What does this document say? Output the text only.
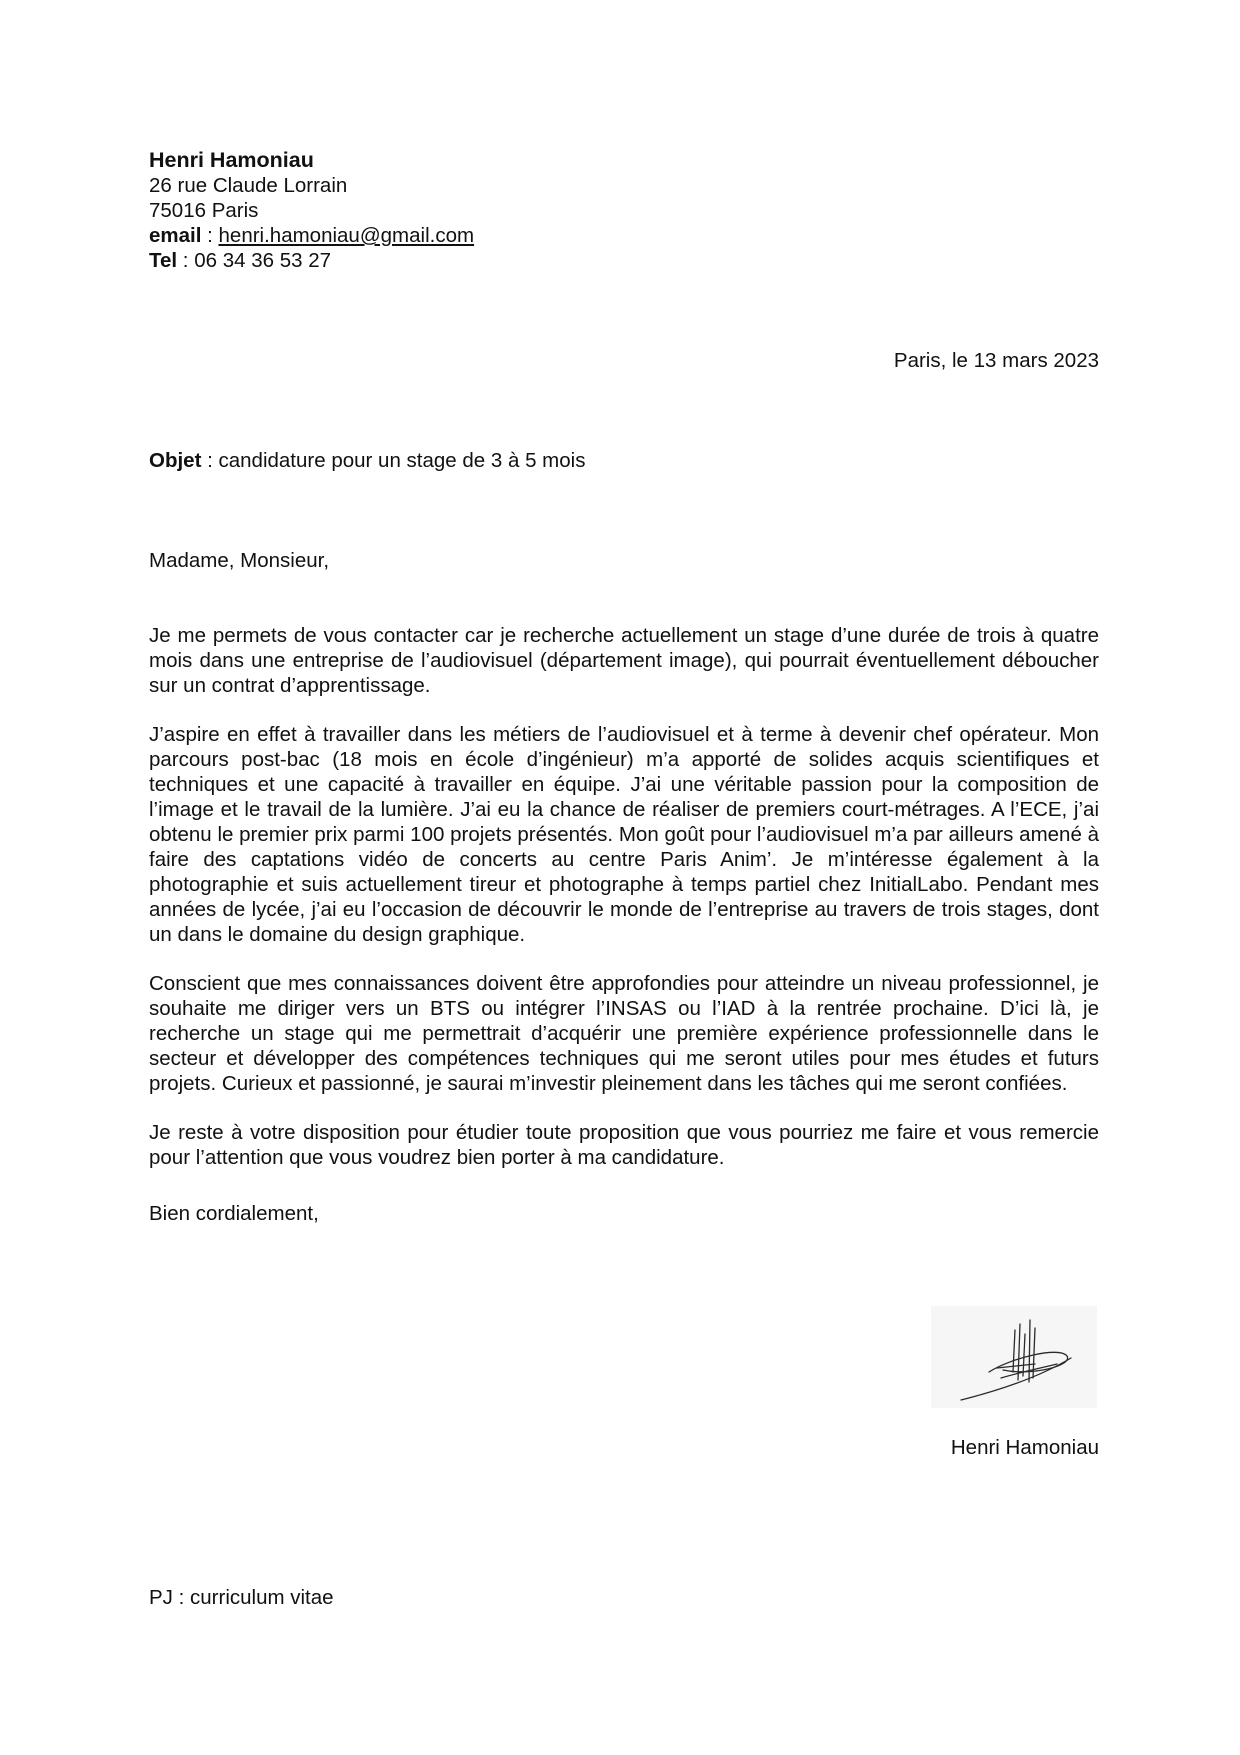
Henri Hamoniau
26 rue Claude Lorrain
75016 Paris
email : henri.hamoniau@gmail.com
Tel : 06 34 36 53 27
Paris, le 13 mars 2023
Objet : candidature pour un stage de 3 à 5 mois
Madame, Monsieur,

Je me permets de vous contacter car je recherche actuellement un stage d’une durée de trois à quatre mois dans une entreprise de l’audiovisuel (département image), qui pourrait éventuellement déboucher sur un contrat d’apprentissage.

J’aspire en effet à travailler dans les métiers de l’audiovisuel et à terme à devenir chef opérateur. Mon parcours post-bac (18 mois en école d’ingénieur) m’a apporté de solides acquis scientifiques et techniques et une capacité à travailler en équipe. J’ai une véritable passion pour la composition de l’image et le travail de la lumière. J’ai eu la chance de réaliser de premiers court-métrages. A l’ECE, j’ai obtenu le premier prix parmi 100 projets présentés. Mon goût pour l’audiovisuel m’a par ailleurs amené à faire des captations vidéo de concerts au centre Paris Anim’. Je m’intéresse également à la photographie et suis actuellement tireur et photographe à temps partiel chez InitialLabo. Pendant mes années de lycée, j’ai eu l’occasion de découvrir le monde de l’entreprise au travers de trois stages, dont un dans le domaine du design graphique.

Conscient que mes connaissances doivent être approfondies pour atteindre un niveau professionnel, je souhaite me diriger vers un BTS ou intégrer l’INSAS ou l’IAD à la rentrée prochaine. D’ici là, je recherche un stage qui me permettrait d’acquérir une première expérience professionnelle dans le secteur et développer des compétences techniques qui me seront utiles pour mes études et futurs projets. Curieux et passionné, je saurai m’investir pleinement dans les tâches qui me seront confiées.

Je reste à votre disposition pour étudier toute proposition que vous pourriez me faire et vous remercie pour l’attention que vous voudrez bien porter à ma candidature.

Bien cordialement,
Henri Hamoniau
PJ : curriculum vitae
